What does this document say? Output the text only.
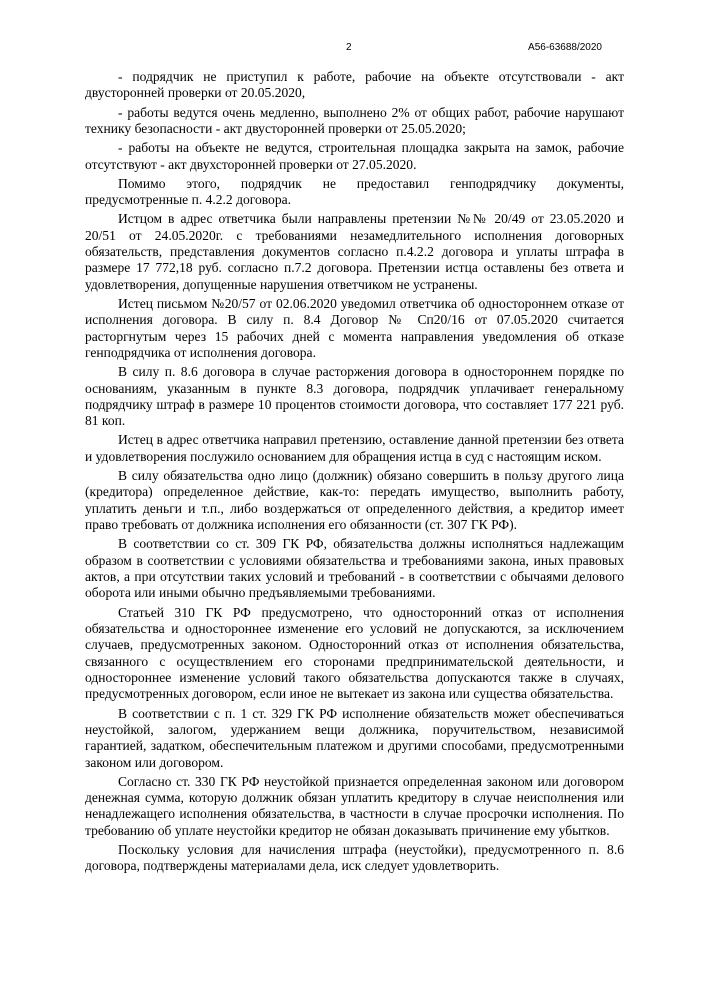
2	А56-63688/2020

- подрядчик не приступил к работе, рабочие на объекте отсутствовали - акт двусторонней проверки от 20.05.2020,

- работы ведутся очень медленно, выполнено 2% от общих работ, рабочие нарушают технику безопасности - акт двусторонней проверки от 25.05.2020;

- работы на объекте не ведутся, строительная площадка закрыта на замок, рабочие отсутствуют - акт двухсторонней проверки от 27.05.2020.

Помимо этого, подрядчик не предоставил генподрядчику документы, предусмотренные п. 4.2.2 договора.

Истцом в адрес ответчика были направлены претензии №№ 20/49 от 23.05.2020 и 20/51 от 24.05.2020г. с требованиями незамедлительного исполнения договорных обязательств, представления документов согласно п.4.2.2 договора и уплаты штрафа в размере 17 772,18 руб. согласно п.7.2 договора. Претензии истца оставлены без ответа и удовлетворения, допущенные нарушения ответчиком не устранены.

Истец письмом №20/57 от 02.06.2020 уведомил ответчика об одностороннем отказе от исполнения договора. В силу п. 8.4 Договор № Сп20/16 от 07.05.2020 считается расторгнутым через 15 рабочих дней с момента направления уведомления об отказе генподрядчика от исполнения договора.

В силу п. 8.6 договора в случае расторжения договора в одностороннем порядке по основаниям, указанным в пункте 8.3 договора, подрядчик уплачивает генеральному подрядчику штраф в размере 10 процентов стоимости договора, что составляет 177 221 руб. 81 коп.

Истец в адрес ответчика направил претензию, оставление данной претензии без ответа и удовлетворения послужило основанием для обращения истца в суд с настоящим иском.

В силу обязательства одно лицо (должник) обязано совершить в пользу другого лица (кредитора) определенное действие, как-то: передать имущество, выполнить работу, уплатить деньги и т.п., либо воздержаться от определенного действия, а кредитор имеет право требовать от должника исполнения его обязанности (ст. 307 ГК РФ).

В соответствии со ст. 309 ГК РФ, обязательства должны исполняться надлежащим образом в соответствии с условиями обязательства и требованиями закона, иных правовых актов, а при отсутствии таких условий и требований - в соответствии с обычаями делового оборота или иными обычно предъявляемыми требованиями.

Статьей 310 ГК РФ предусмотрено, что односторонний отказ от исполнения обязательства и одностороннее изменение его условий не допускаются, за исключением случаев, предусмотренных законом. Односторонний отказ от исполнения обязательства, связанного с осуществлением его сторонами предпринимательской деятельности, и одностороннее изменение условий такого обязательства допускаются также в случаях, предусмотренных договором, если иное не вытекает из закона или существа обязательства.

В соответствии с п. 1 ст. 329 ГК РФ исполнение обязательств может обеспечиваться неустойкой, залогом, удержанием вещи должника, поручительством, независимой гарантией, задатком, обеспечительным платежом и другими способами, предусмотренными законом или договором.

Согласно ст. 330 ГК РФ неустойкой признается определенная законом или договором денежная сумма, которую должник обязан уплатить кредитору в случае неисполнения или ненадлежащего исполнения обязательства, в частности в случае просрочки исполнения. По требованию об уплате неустойки кредитор не обязан доказывать причинение ему убытков.

Поскольку условия для начисления штрафа (неустойки), предусмотренного п. 8.6 договора, подтверждены материалами дела, иск следует удовлетворить.
